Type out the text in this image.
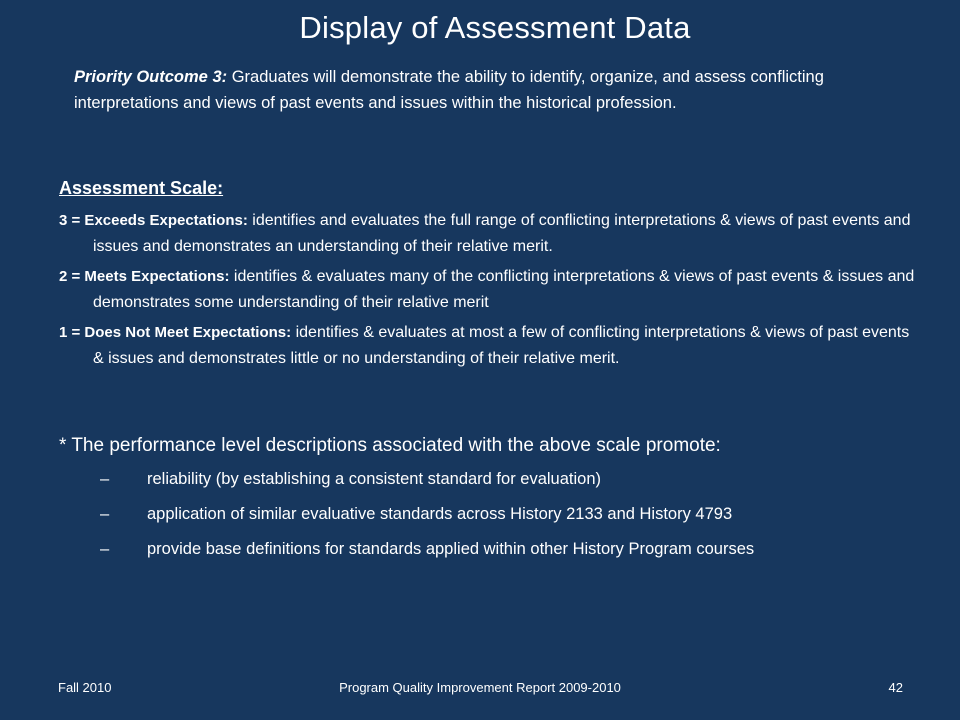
Display of Assessment Data
Priority Outcome 3: Graduates will demonstrate the ability to identify, organize, and assess conflicting interpretations and views of past events and issues within the historical profession.
Assessment Scale:
3 = Exceeds Expectations: identifies and evaluates the full range of conflicting interpretations & views of past events and issues and demonstrates an understanding of their relative merit.
2 = Meets Expectations: identifies & evaluates many of the conflicting interpretations & views of past events & issues and demonstrates some understanding of their relative merit
1 = Does Not Meet Expectations: identifies & evaluates at most a few of conflicting interpretations & views of past events & issues and demonstrates little or no understanding of their relative merit.
* The performance level descriptions associated with the above scale promote:
–	reliability (by establishing a consistent standard for evaluation)
–	application of similar evaluative standards across History 2133 and History 4793
–	provide base definitions for standards applied within other History Program courses
Fall 2010	Program Quality Improvement Report 2009-2010	42
